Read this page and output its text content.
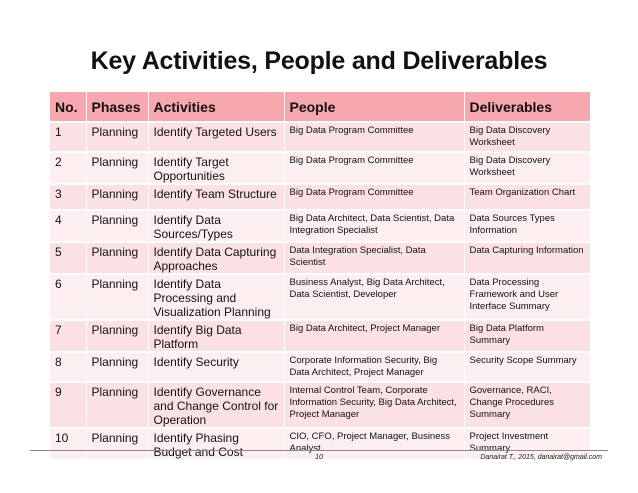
Key Activities, People and Deliverables
No.	Phases	Activities	People	Deliverables
1	Planning	Identify Targeted Users	Big Data Program Committee	Big Data Discovery Worksheet
2	Planning	Identify Target Opportunities	Big Data Program Committee	Big Data Discovery Worksheet
3	Planning	Identify Team Structure	Big Data Program Committee	Team Organization Chart
4	Planning	Identify Data Sources/Types	Big Data Architect, Data Scientist, Data Integration Specialist	Data Sources Types Information
5	Planning	Identify Data Capturing Approaches	Data Integration Specialist, Data Scientist	Data Capturing Information
6	Planning	Identify Data Processing and Visualization Planning	Business Analyst, Big Data Architect, Data Scientist, Developer	Data Processing Framework and User Interface Summary
7	Planning	Identify Big Data Platform	Big Data Architect, Project Manager	Big Data Platform Summary
8	Planning	Identify Security	Corporate Information Security, Big Data Architect, Project Manager	Security Scope Summary
9	Planning	Identify Governance and Change Control for Operation	Internal Control Team, Corporate Information Security, Big Data Architect, Project Manager	Governance, RACI, Change Procedures Summary
10	Planning	Identify Phasing Budget and Cost	CIO, CFO, Project Manager, Business Analyst	Project Investment Summary
10	Danairat T., 2015, danairat@gmail.com
